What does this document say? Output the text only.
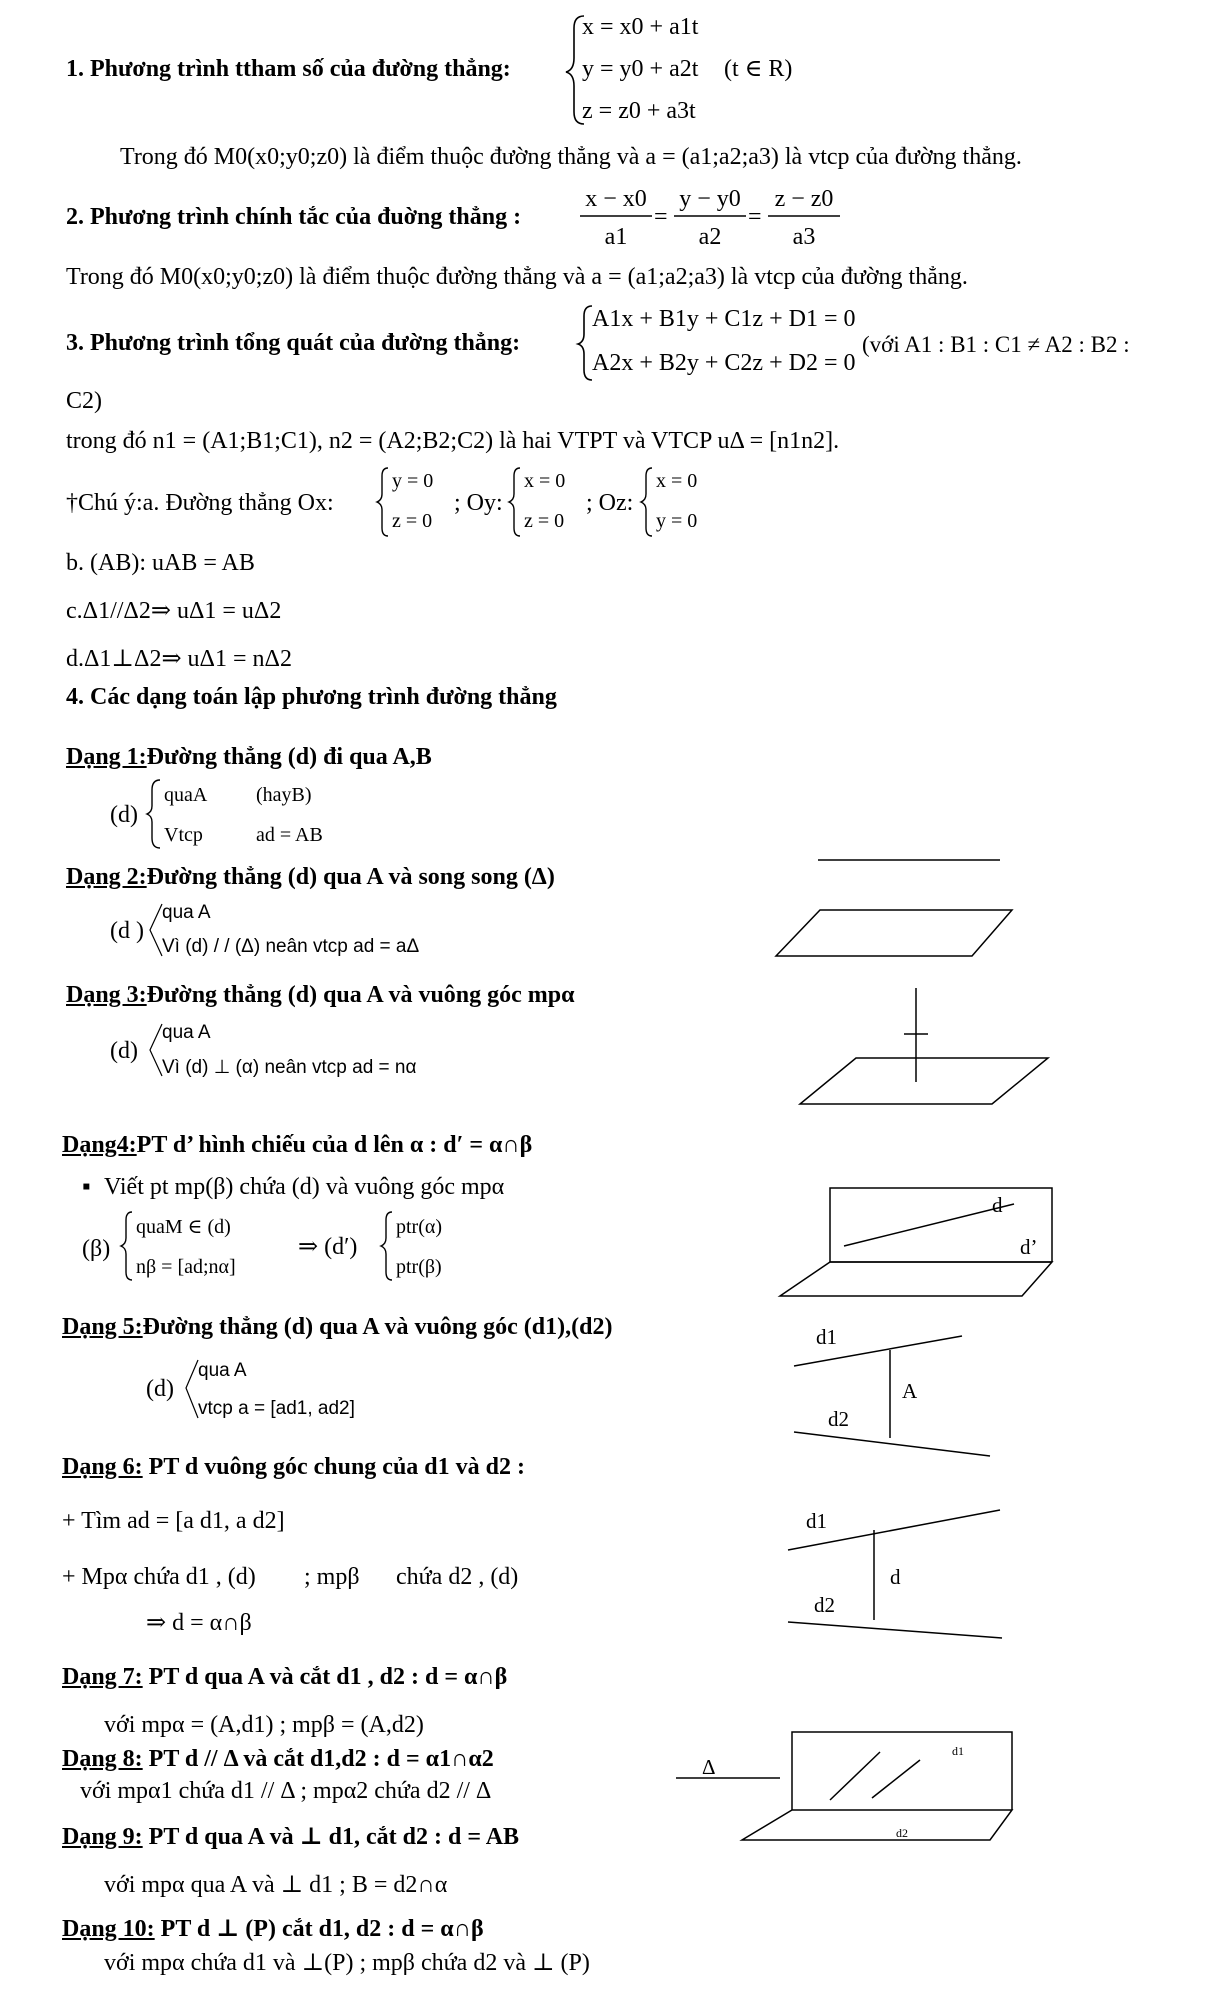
1. Phương trình ttham số của đường thẳng:
x = x0 + a1t
y = y0 + a2t (t ∈ R)
z = z0 + a3t
Trong đó M0(x0;y0;z0) là điểm thuộc đường thẳng và a = (a1;a2;a3) là vtcp của đường thẳng.
2. Phương trình chính tắc của đuờng thẳng :
x − x0
a1
=
y − y0
a2
=
z − z0
a3
Trong đó M0(x0;y0;z0) là điểm thuộc đường thẳng và a = (a1;a2;a3) là vtcp của đường thẳng.
3. Phương trình tổng quát của đường thẳng:
A1x + B1y + C1z + D1 = 0
A2x + B2y + C2z + D2 = 0
(với A1 : B1 : C1 ≠ A2 : B2 :
C2)
trong đó n1 = (A1;B1;C1), n2 = (A2;B2;C2) là hai VTPT và VTCP uΔ = [n1n2].
†Chú ý:a. Đường thẳng Ox:
y = 0
z = 0
; Oy:
x = 0
z = 0
; Oz:
x = 0
y = 0
b. (AB): uAB = AB
c.Δ1//Δ2⇒ uΔ1 = uΔ2
d.Δ1⊥Δ2⇒ uΔ1 = nΔ2
4. Các dạng toán lập phương trình đường thẳng
Dạng 1:Đường thẳng (d) đi qua A,B
(d)
quaA (hayB)
Vtcp	ad = AB
Dạng 2:Đường thẳng (d) qua A và song song (Δ)
(d )
qua A
Vì (d) / / (Δ) neân vtcp ad = aΔ
Dạng 3:Đường thẳng (d) qua A và vuông góc mpα
(d)
qua A
Vì (d) ⊥ (α) neân vtcp ad = nα
Dạng4:PT d’ hình chiếu của d lên α : d′ = α∩β
▪ Viết pt mp(β) chứa (d) và vuông góc mpα
(β)
quaM ∈ (d)
nβ = [ad;nα]
⇒ (d′)
ptr(α)
ptr(β)
Dạng 5:Đường thẳng (d) qua A và vuông góc (d1),(d2)
(d)
qua A
vtcp a = [ad1, ad2]
Dạng 6: PT d vuông góc chung của d1 và d2 :
+ Tìm ad = [a d1, a d2]
+ Mpα chứa d1 , (d) ; mpβ chứa d2 , (d)
⇒ d = α∩β
Dạng 7: PT d qua A và cắt d1 , d2 : d = α∩β
với mpα = (A,d1) ; mpβ = (A,d2)
Dạng 8: PT d // Δ và cắt d1,d2 : d = α1∩α2
với mpα1 chứa d1 // Δ ; mpα2 chứa d2 // Δ
Dạng 9: PT d qua A và ⊥ d1, cắt d2 : d = AB
với mpα qua A và ⊥ d1 ; B = d2∩α
Dạng 10: PT d ⊥ (P) cắt d1, d2 : d = α∩β
với mpα chứa d1 và ⊥(P) ; mpβ chứa d2 và ⊥ (P)
d
d’
d1
A
d2
d1
d
d2
Δ
d1
d2
